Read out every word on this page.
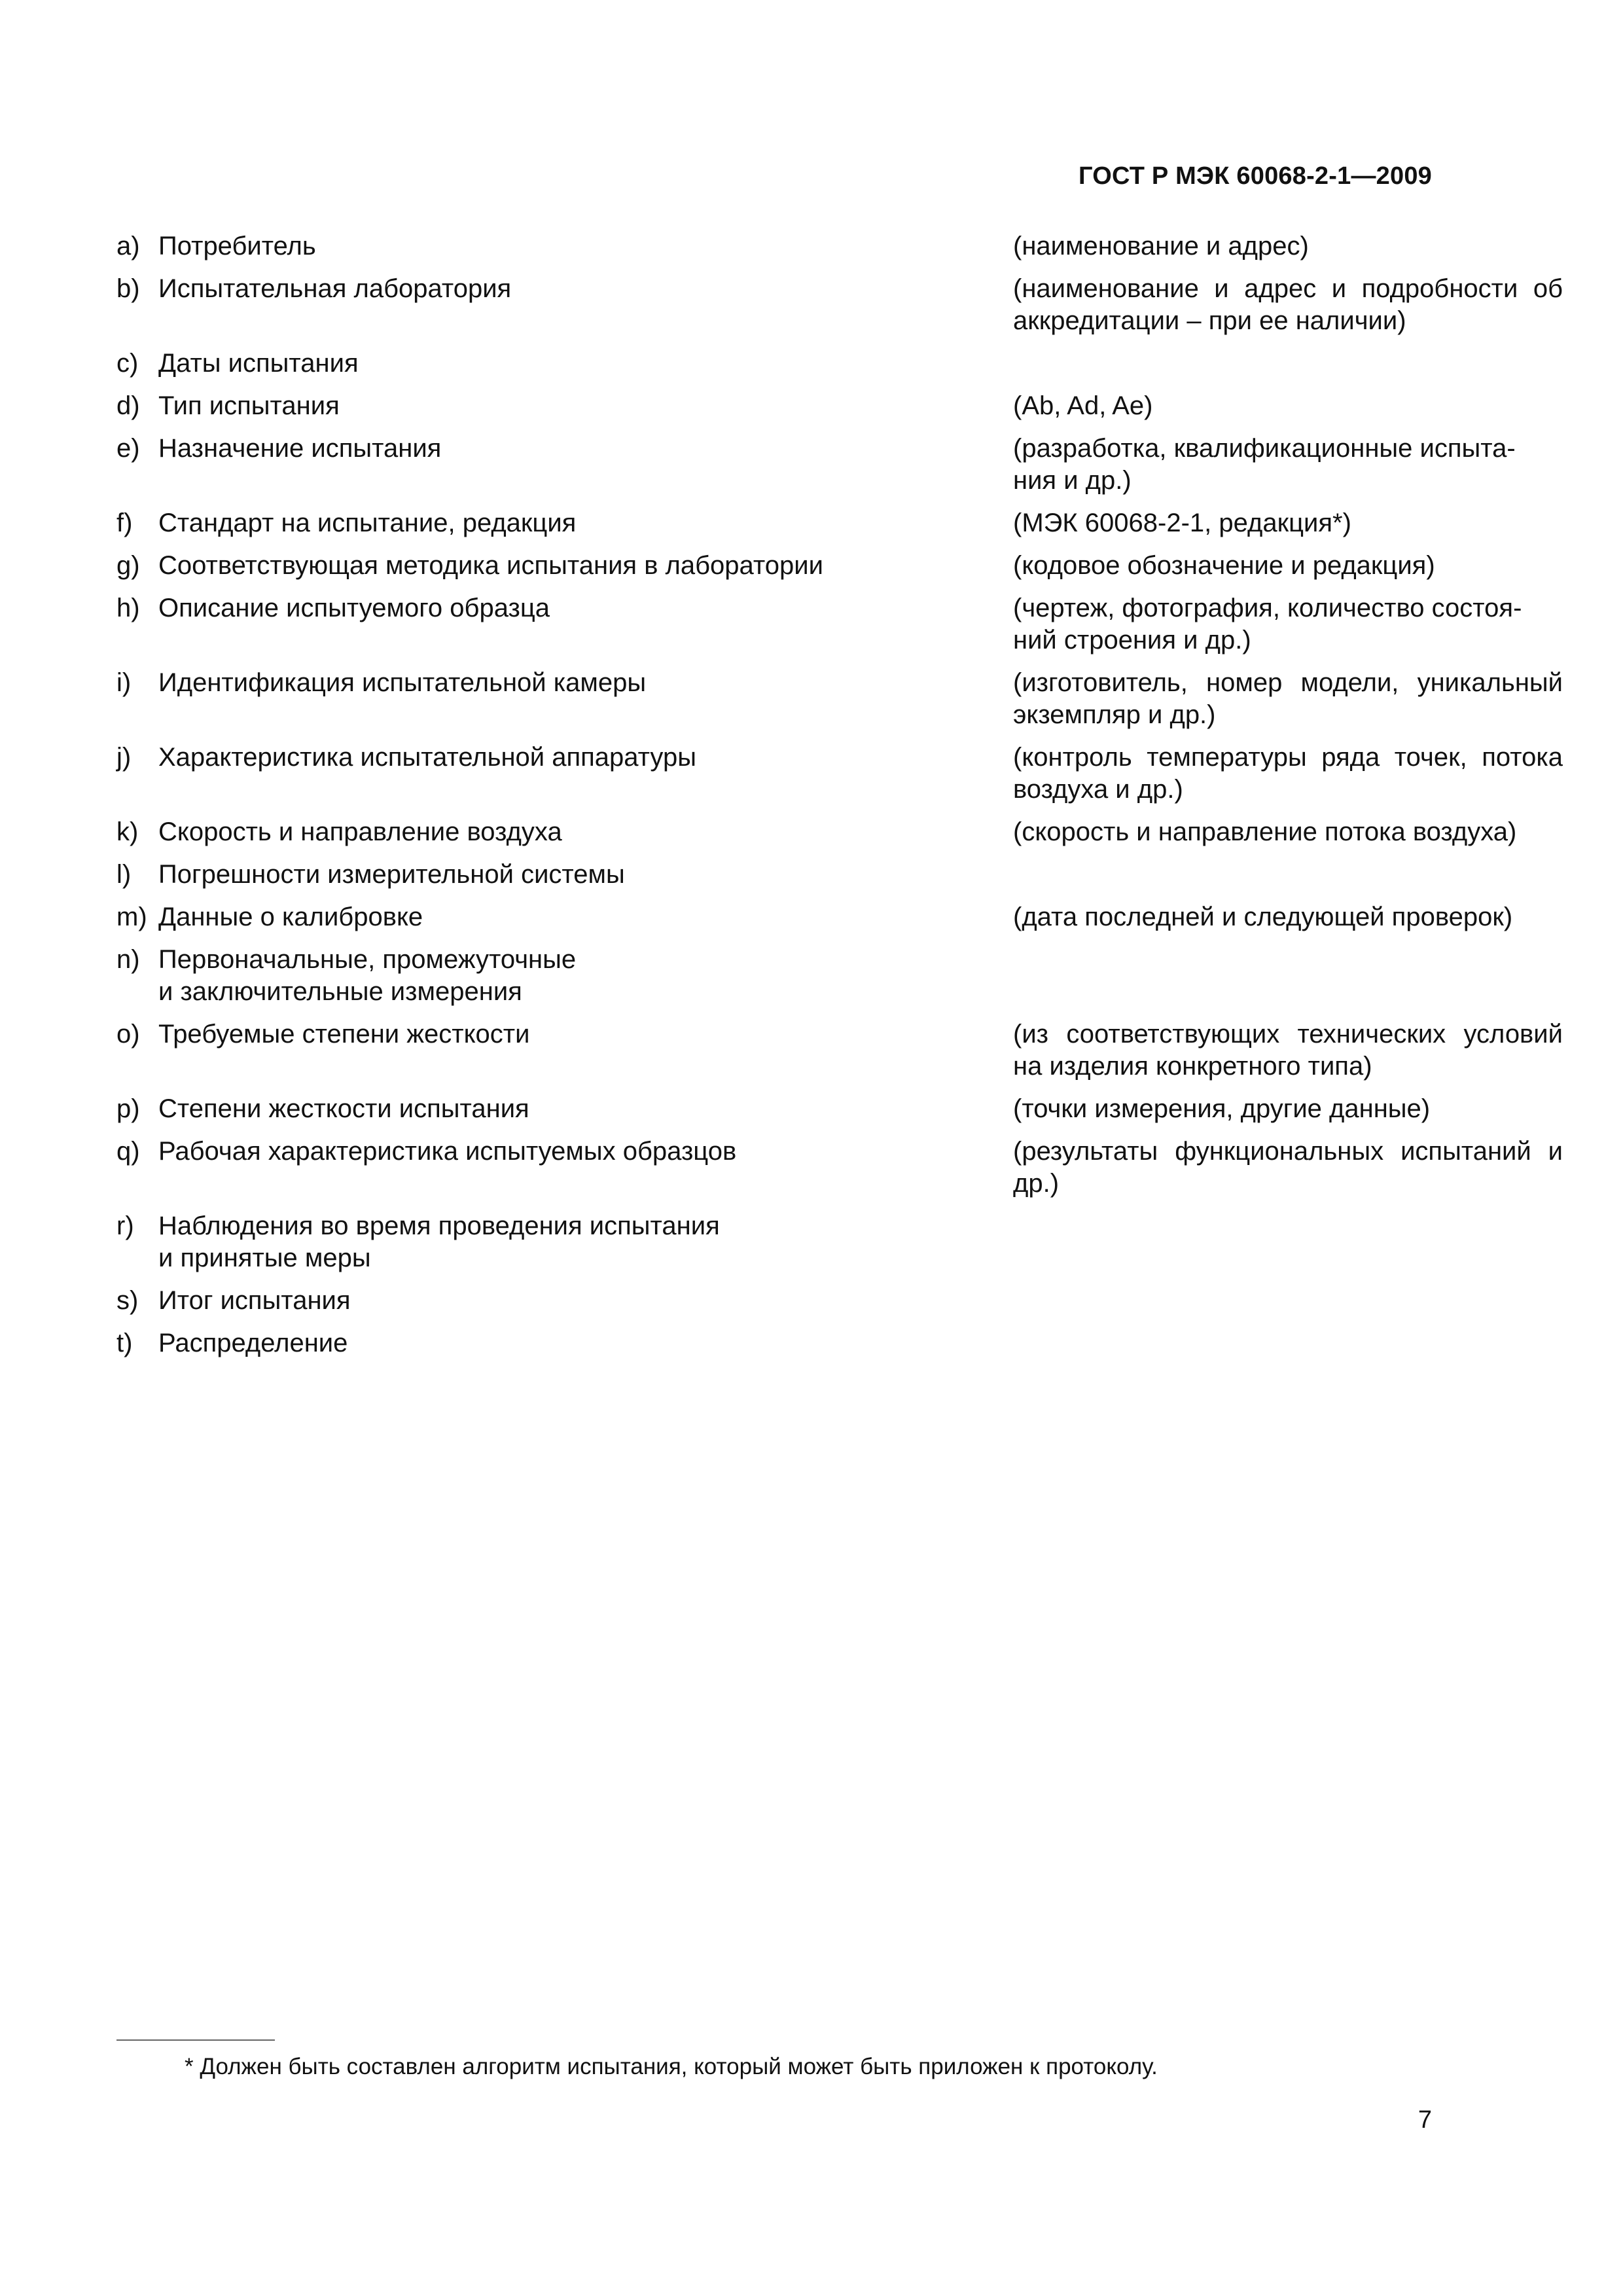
ГОСТ Р МЭК 60068-2-1—2009
a) Потребитель	(наименование и адрес)
b) Испытательная лаборатория	(наименование и адрес и подробности об аккредитации – при ее наличии)
c) Даты испытания
d) Тип испытания	(Ab, Ad, Ae)
e) Назначение испытания	(разработка, квалификационные испыта-
ния и др.)
f) Стандарт на испытание, редакция	(МЭК 60068-2-1, редакция*)
g) Соответствующая методика испытания в лаборатории	(кодовое обозначение и редакция)
h) Описание испытуемого образца	(чертеж, фотография, количество состоя-
ний строения и др.)
i)	Идентификация испытательной камеры	(изготовитель, номер модели, уникальный экземпляр и др.)
j)	Характеристика испытательной аппаратуры	(контроль температуры ряда точек, потока воздуха и др.)
k) Скорость и направление воздуха	(скорость и направление потока воздуха)
l)	Погрешности измерительной системы
m) Данные о калибровке	(дата последней и следующей проверок)
n) Первоначальные, промежуточные
и заключительные измерения
o) Требуемые степени жесткости	(из соответствующих технических условий на изделия конкретного типа)
p) Степени жесткости испытания	(точки измерения, другие данные)
q) Рабочая характеристика испытуемых образцов	(результаты функциональных испытаний и др.)
r) Наблюдения во время проведения испытания
и принятые меры
s) Итог испытания
t) Распределение
* Должен быть составлен алгоритм испытания, который может быть приложен к протоколу.
7
